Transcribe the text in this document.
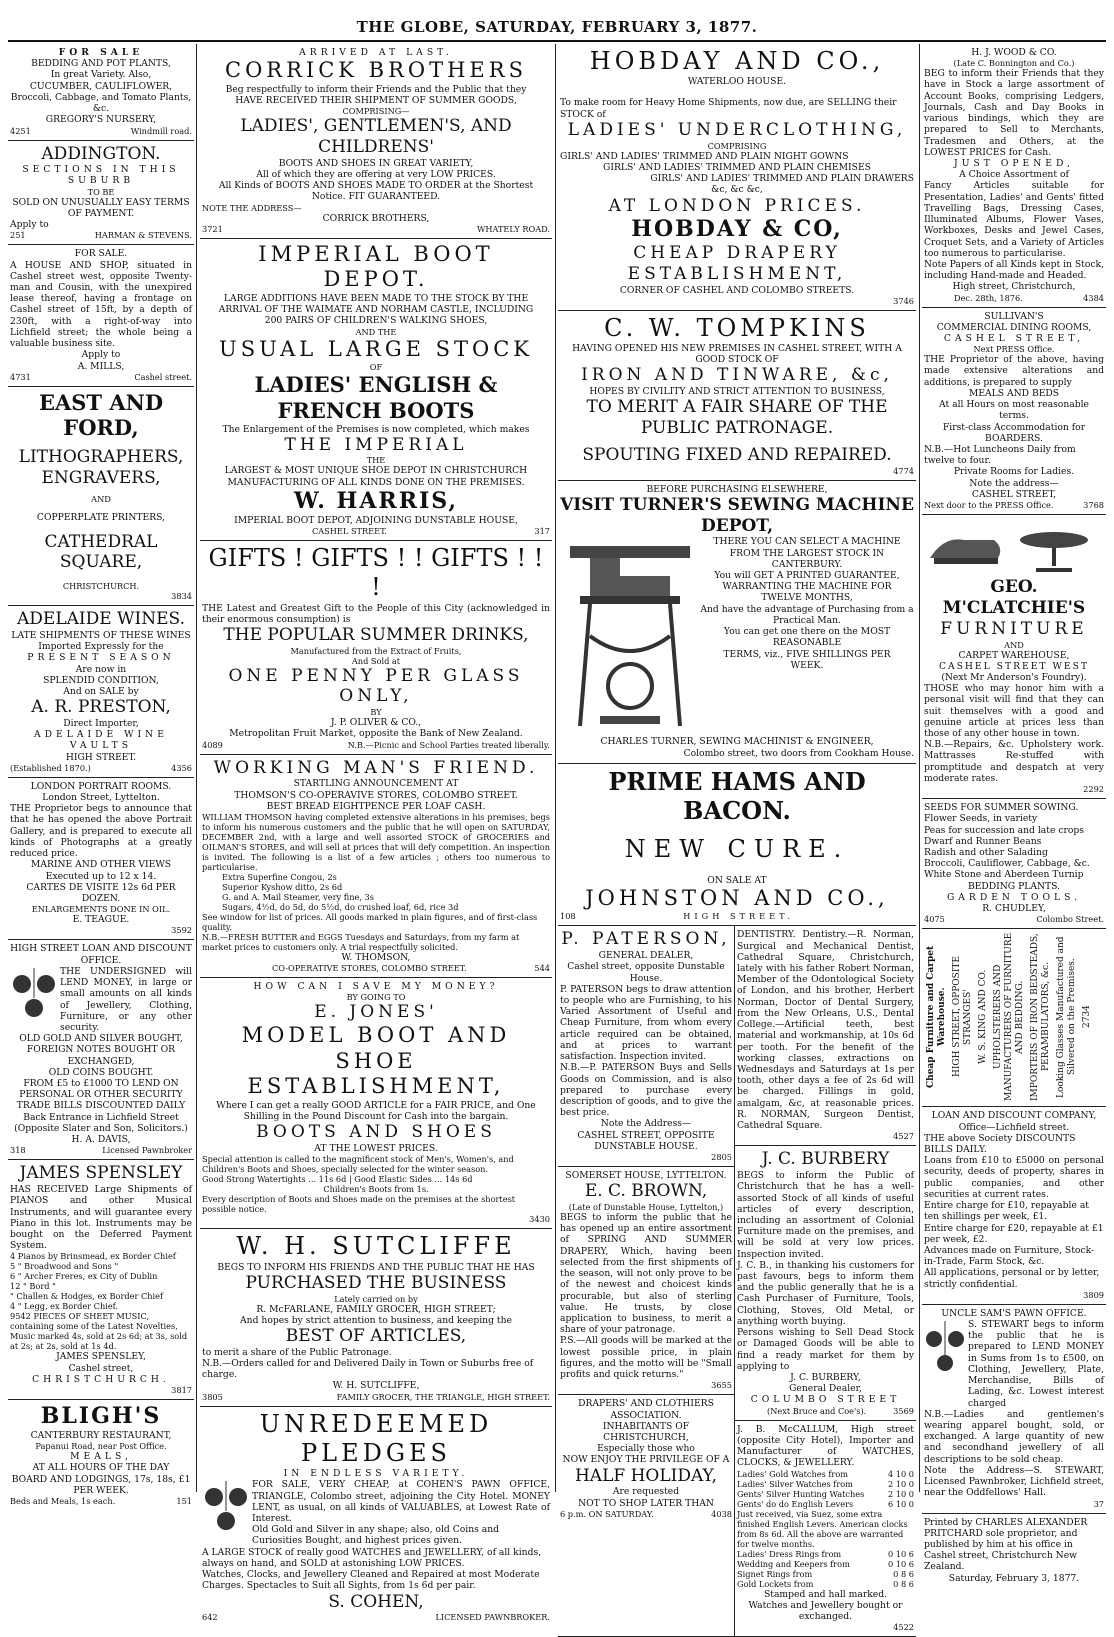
THE GLOBE, SATURDAY, FEBRUARY 3, 1877.
FOR SALE
BEDDING AND POT PLANTS,
In great Variety. Also,
CUCUMBER, CAULIFLOWER,
Broccoli, Cabbage, and Tomato Plants, &c.
GREGORY'S NURSERY,
4251	Windmill road.
ADDINGTON.
SECTIONS IN THIS SUBURB
TO BE
SOLD ON UNUSUALLY EASY TERMS
OF PAYMENT.
Apply to
251	HARMAN & STEVENS.
FOR SALE.
A HOUSE AND SHOP, situated in Cashel street west, opposite Twenty-man and Cousin, with the unexpired lease thereof, having a frontage on Cashel street of 15ft, by a depth of 230ft, with a right-of-way into Lichfield street; the whole being a valuable business site.
Apply to
A. MILLS,
4731	Cashel street.
EAST AND FORD,
LITHOGRAPHERS, ENGRAVERS,
AND
COPPERPLATE PRINTERS,
CATHEDRAL SQUARE,
CHRISTCHURCH.
3834
ADELAIDE WINES.
LATE SHIPMENTS OF THESE WINES
Imported Expressly for the
PRESENT SEASON
Are now in
SPLENDID CONDITION,
And on SALE by
A. R. PRESTON,
Direct Importer,
ADELAIDE WINE VAULTS
HIGH STREET.
(Established 1870.)	4356
LONDON PORTRAIT ROOMS.
London Street, Lyttelton.
THE Proprietor begs to announce that that he has opened the above Portrait Gallery, and is prepared to execute all kinds of Photographs at a greatly reduced price.
MARINE AND OTHER VIEWS
Executed up to 12 x 14.
CARTES DE VISITE 12s 6d PER DOZEN.
ENLARGEMENTS DONE IN OIL.
E. TEAGUE.
3592
HIGH STREET LOAN AND DISCOUNT OFFICE.
THE UNDERSIGNED will LEND MONEY, in large or small amounts on all kinds of Jewellery, Clothing, Furniture, or any other security.
OLD GOLD AND SILVER BOUGHT, FOREIGN NOTES BOUGHT OR EXCHANGED,
OLD COINS BOUGHT.
FROM £5 to £1000 TO LEND ON PERSONAL OR OTHER SECURITY
TRADE BILLS DISCOUNTED DAILY
Back Entrance in Lichfield Street
(Opposite Slater and Son, Solicitors.)
H. A. DAVIS,
318	Licensed Pawnbroker
JAMES SPENSLEY
HAS RECEIVED Large Shipments of PIANOS and other Musical Instruments, and will guarantee every Piano in this lot. Instruments may be bought on the Deferred Payment System.
4 Pianos by Brinsmead, ex Border Chief
5 " Broadwood and Sons "
6 " Archer Freres, ex City of Dublin
12 " Bord "
" Challen & Hodges, ex Border Chief
4 " Legg, ex Border Chief.
9542 PIECES OF SHEET MUSIC, containing some of the Latest Novelties, Music marked 4s, sold at 2s 6d; at 3s, sold at 2s; at 2s, sold at 1s 4d.
JAMES SPENSLEY,
Cashel street,
CHRISTCHURCH.
3817
BLIGH'S
CANTERBURY RESTAURANT,
Papanui Road, near Post Office.
MEALS,
AT ALL HOURS OF THE DAY
BOARD AND LODGINGS, 17s, 18s, £1 PER WEEK.
Beds and Meals, 1s each.	151
ARRIVED AT LAST.
CORRICK BROTHERS
Beg respectfully to inform their Friends and the Public that they
HAVE RECEIVED THEIR SHIPMENT OF SUMMER GOODS,
COMPRISING—
LADIES', GENTLEMEN'S, AND CHILDRENS'
BOOTS AND SHOES IN GREAT VARIETY,
All of which they are offering at very LOW PRICES.
All Kinds of BOOTS AND SHOES MADE TO ORDER at the Shortest Notice. FIT GUARANTEED.
NOTE THE ADDRESS—
CORRICK BROTHERS,
3721	WHATELY ROAD.
IMPERIAL BOOT DEPOT.
LARGE ADDITIONS HAVE BEEN MADE TO THE STOCK BY THE ARRIVAL OF THE WAIMATE AND NORHAM CASTLE, INCLUDING
200 PAIRS OF CHILDREN'S WALKING SHOES,
AND THE
USUAL LARGE STOCK
OF
LADIES' ENGLISH & FRENCH BOOTS
The Enlargement of the Premises is now completed, which makes
THE IMPERIAL
THE
LARGEST & MOST UNIQUE SHOE DEPOT IN CHRISTCHURCH
MANUFACTURING OF ALL KINDS DONE ON THE PREMISES.
W. HARRIS,
IMPERIAL BOOT DEPOT, ADJOINING DUNSTABLE HOUSE,
CASHEL STREET.	317
GIFTS ! GIFTS ! ! GIFTS ! ! !
THE Latest and Greatest Gift to the People of this City (acknowledged in their enormous consumption) is
THE POPULAR SUMMER DRINKS,
Manufactured from the Extract of Fruits,
And Sold at
ONE PENNY PER GLASS ONLY,
BY
J. P. OLIVER & CO.,
Metropolitan Fruit Market, opposite the Bank of New Zealand.
4089	N.B.—Picnic and School Parties treated liberally.
WORKING MAN'S FRIEND.
STARTLING ANNOUNCEMENT AT
THOMSON'S CO-OPERAVIVE STORES, COLOMBO STREET.
BEST BREAD EIGHTPENCE PER LOAF CASH.
WILLIAM THOMSON having completed extensive alterations in his premises, begs to inform his numerous customers and the public that he will open on SATURDAY, DECEMBER 2nd, with a large and well assorted STOCK of GROCERIES and OILMAN'S STORES, and will sell at prices that will defy competition. An inspection is invited. The following is a list of a few articles ; others too numerous to particularise.
Extra Superfine Congou, 2s
Superior Kyshow ditto, 2s 6d
G. and A. Mail Steamer, very fine, 3s
Sugars, 4½d, do 5d, do 5½d, do crushed loaf, 6d, rice 3d
See window for list of prices. All goods marked in plain figures, and of first-class quality.
N.B.—FRESH BUTTER and EGGS Tuesdays and Saturdays, from my farm at market prices to customers only. A trial respectfully solicited.
W. THOMSON,
CO-OPERATIVE STORES, COLOMBO STREET.	544
HOW CAN I SAVE MY MONEY?
BY GOING TO
E. JONES'
MODEL BOOT AND SHOE
ESTABLISHMENT,
Where I can get a really GOOD ARTICLE for a FAIR PRICE, and One Shilling in the Pound Discount for Cash into the bargain.
BOOTS AND SHOES
AT THE LOWEST PRICES.
Special attention is called to the magnificent stock of Men's, Women's, and Children's Boots and Shoes, specially selected for the winter season.
Good Strong Watertights ... 11s 6d | Good Elastic Sides ... 14s 6d
Children's Boots from 1s.
Every description of Boots and Shoes made on the premises at the shortest possible notice.
3430
W. H. SUTCLIFFE
BEGS TO INFORM HIS FRIENDS AND THE PUBLIC THAT HE HAS
PURCHASED THE BUSINESS
Lately carried on by
R. McFARLANE, FAMILY GROCER, HIGH STREET;
And hopes by strict attention to business, and keeping the
BEST OF ARTICLES,
to merit a share of the Public Patronage.
N.B.—Orders called for and Delivered Daily in Town or Suburbs free of charge.
W. H. SUTCLIFFE,
3805	FAMILY GROCER, THE TRIANGLE, HIGH STREET.
UNREDEEMED PLEDGES
IN ENDLESS VARIETY.
FOR SALE, VERY CHEAP, at COHEN'S PAWN OFFICE, TRIANGLE, Colombo street, adjoining the City Hotel. MONEY LENT, as usual, on all kinds of VALUABLES, at Lowest Rate of Interest.
Old Gold and Silver in any shape; also, old Coins and Curiosities Bought, and highest prices given.
A LARGE STOCK of really good WATCHES and JEWELLERY, of all kinds, always on hand, and SOLD at astonishing LOW PRICES.
Watches, Clocks, and Jewellery Cleaned and Repaired at most Moderate Charges. Spectacles to Suit all Sights, from 1s 6d per pair.
S. COHEN,
642	LICENSED PAWNBROKER.
HOBDAY AND CO.,
WATERLOO HOUSE.
To make room for Heavy Home Shipments, now due, are SELLING their STOCK of
LADIES' UNDERCLOTHING,
COMPRISING
GIRLS' AND LADIES' TRIMMED AND PLAIN NIGHT GOWNS
GIRLS' AND LADIES' TRIMMED AND PLAIN CHEMISES
GIRLS' AND LADIES' TRIMMED AND PLAIN DRAWERS
&c, &c &c,
AT LONDON PRICES.
HOBDAY & CO,
CHEAP DRAPERY ESTABLISHMENT,
CORNER OF CASHEL AND COLOMBO STREETS.
3746
C. W. TOMPKINS
HAVING OPENED HIS NEW PREMISES IN CASHEL STREET, WITH A GOOD STOCK OF
IRON AND TINWARE, &c,
HOPES BY CIVILITY AND STRICT ATTENTION TO BUSINESS,
TO MERIT A FAIR SHARE OF THE PUBLIC PATRONAGE.
SPOUTING FIXED AND REPAIRED.
4774
BEFORE PURCHASING ELSEWHERE,
VISIT TURNER'S SEWING MACHINE DEPOT,
THERE YOU CAN SELECT A MACHINE
FROM THE LARGEST STOCK IN
CANTERBURY.
You will GET A PRINTED GUARANTEE,
WARRANTING THE MACHINE FOR
TWELVE MONTHS,
And have the advantage of Purchasing from a
Practical Man.
You can get one there on the MOST REASONABLE
TERMS, viz., FIVE SHILLINGS PER
WEEK.
CHARLES TURNER, SEWING MACHINIST & ENGINEER,
Colombo street, two doors from Cookham House.
PRIME HAMS AND BACON.
NEW CURE.
ON SALE AT
JOHNSTON AND CO.,
108	HIGH STREET.
P. PATERSON,
GENERAL DEALER,
Cashel street, opposite Dunstable House.
P. PATERSON begs to draw attention to people who are Furnishing, to his Varied Assortment of Useful and Cheap Furniture, from whom every article required can be obtained, and at prices to warrant satisfaction. Inspection invited.
N.B.—P. PATERSON Buys and Sells Goods on Commission, and is also prepared to purchase every description of goods, and to give the best price.
Note the Address—
CASHEL STREET, OPPOSITE DUNSTABLE HOUSE.
2805
SOMERSET HOUSE, LYTTELTON.
E. C. BROWN,
(Late of Dunstable House, Lyttelton,)
BEGS to inform the public that he has opened up an entire assortment of SPRING AND SUMMER DRAPERY, Which, having been selected from the first shipments of the season, will not only prove to be of the newest and choicest kinds procurable, but also of sterling value. He trusts, by close application to business, to merit a share of your patronage.
P.S.—All goods will be marked at the lowest possible price, in plain figures, and the motto will be "Small profits and quick returns."
3655
DRAPERS' AND CLOTHIERS ASSOCIATION.
INHABITANTS OF CHRISTCHURCH,
Especially those who
NOW ENJOY THE PRIVILEGE OF A
HALF HOLIDAY,
Are requested
NOT TO SHOP LATER THAN
6 p.m. ON SATURDAY.	4038
DENTISTRY. Dentistry.—R. Norman, Surgical and Mechanical Dentist, Cathedral Square, Christchurch, lately with his father Robert Norman, Member of the Odontological Society of London, and his brother, Herbert Norman, Doctor of Dental Surgery, from the New Orleans, U.S., Dental College.—Artificial teeth, best material and workmanship, at 10s 6d per tooth. For the benefit of the working classes, extractions on Wednesdays and Saturdays at 1s per tooth, other days a fee of 2s 6d will be charged. Fillings in gold, amalgam, &c, at reasonable prices. R. NORMAN, Surgeon Dentist, Cathedral Square.
4527
J. C. BURBERY
BEGS to inform the Public of Christchurch that he has a well-assorted Stock of all kinds of useful articles of every description, including an assortment of Colonial Furniture made on the premises, and will be sold at very low prices. Inspection invited.
J. C. B., in thanking his customers for past favours, begs to inform them and the public generally that he is a Cash Purchaser of Furniture, Tools, Clothing, Stoves, Old Metal, or anything worth buying.
Persons wishing to Sell Dead Stock or Damaged Goods will be able to find a ready market for them by applying to
J. C. BURBERY,
General Dealer,
COLUMBO STREET
(Next Bruce and Coe's).	3569
J. B. McCALLUM, High street (opposite City Hotel), Importer and Manufacturer of WATCHES, CLOCKS, & JEWELLERY.
Ladies' Gold Watches from	4 10 0
Ladies' Silver Watches from	2 10 0
Gents' Silver Hunting Watches	2 10 0
Gents' do do English Levers	6 10 0
Just received, via Suez, some extra finished English Levers. American clocks from 8s 6d. All the above are warranted for twelve months.
Ladies' Dress Rings from	0 10 6
Wedding and Keepers from	0 10 6
Signet Rings from	0 8 6
Gold Lockets from	0 8 6
Stamped and hall marked.
Watches and Jewellery bought or exchanged.
4522
H. J. WOOD & CO.
(Late C. Bonnington and Co.)
BEG to inform their Friends that they have in Stock a large assortment of Account Books, comprising Ledgers, Journals, Cash and Day Books in various bindings, which they are prepared to Sell to Merchants, Tradesmen and Others, at the LOWEST PRICES for Cash.
JUST OPENED,
A Choice Assortment of
Fancy Articles suitable for Presentation, Ladies' and Gents' fitted Travelling Bags, Dressing Cases, Illuminated Albums, Flower Vases, Workboxes, Desks and Jewel Cases, Croquet Sets, and a Variety of Articles too numerous to particularise.
Note Papers of all Kinds kept in Stock, including Hand-made and Headed.
High street, Christchurch,
Dec. 28th, 1876.	4384
SULLIVAN'S
COMMERCIAL DINING ROOMS,
CASHEL STREET,
Next PRESS Office.
THE Proprietor of the above, having made extensive alterations and additions, is prepared to supply
MEALS AND BEDS
At all Hours on most reasonable terms.
First-class Accommodation for
BOARDERS.
N.B.—Hot Luncheons Daily from twelve to four.
Private Rooms for Ladies.
Note the address—
CASHEL STREET,
Next door to the PRESS Office.	3768
GEO. M'CLATCHIE'S
FURNITURE
AND
CARPET WAREHOUSE,
CASHEL STREET WEST
(Next Mr Anderson's Foundry).
THOSE who may honor him with a personal visit will find that they can suit themselves with a good and genuine article at prices less than those of any other house in town.
N.B.—Repairs, &c. Upholstery work. Mattrasses Re-stuffed with promptitude and despatch at very moderate rates.
2292
SEEDS FOR SUMMER SOWING.
Flower Seeds, in variety
Peas for succession and late crops
Dwarf and Runner Beans
Radish and other Salading
Broccoli, Cauliflower, Cabbage, &c.
White Stone and Aberdeen Turnip
BEDDING PLANTS.
GARDEN TOOLS.
R. CHUDLEY,
4075	Colombo Street.
Cheap Furniture and Carpet Warehouse. HIGH STREET, OPPOSITE STRANGES' W. S. KING AND CO. UPHOLSTERERS AND MANUFACTURERS OF FURNITURE AND BEDDING. IMPORTERS OF IRON BEDSTEADS, PERAMBULATORS, &c. Looking Glasses Manufactured and Silvered on the Premises. 2734
LOAN AND DISCOUNT COMPANY,
Office—Lichfield street.
THE above Society DISCOUNTS BILLS DAILY.
Loans from £10 to £5000 on personal security, deeds of property, shares in public companies, and other securities at current rates.
Entire charge for £10, repayable at ten shillings per week, £1.
Entire charge for £20, repayable at £1 per week, £2.
Advances made on Furniture, Stock-in-Trade, Farm Stock, &c.
All applications, personal or by letter, strictly confidential.
3809
UNCLE SAM'S PAWN OFFICE.
S. STEWART begs to inform the public that he is prepared to LEND MONEY in Sums from 1s to £500, on Clothing, Jewellery, Plate, Merchandise, Bills of Lading, &c. Lowest interest charged
N.B.—Ladies and gentlemen's wearing apparel bought, sold, or exchanged. A large quantity of new and secondhand jewellery of all descriptions to be sold cheap.
Note the Address—S. STEWART, Licensed Pawnbroker, Lichfield street, near the Oddfellows' Hall.
37
Printed by CHARLES ALEXANDER PRITCHARD sole proprietor, and published by him at his office in Cashel street, Christchurch New Zealand.
Saturday, February 3, 1877.
